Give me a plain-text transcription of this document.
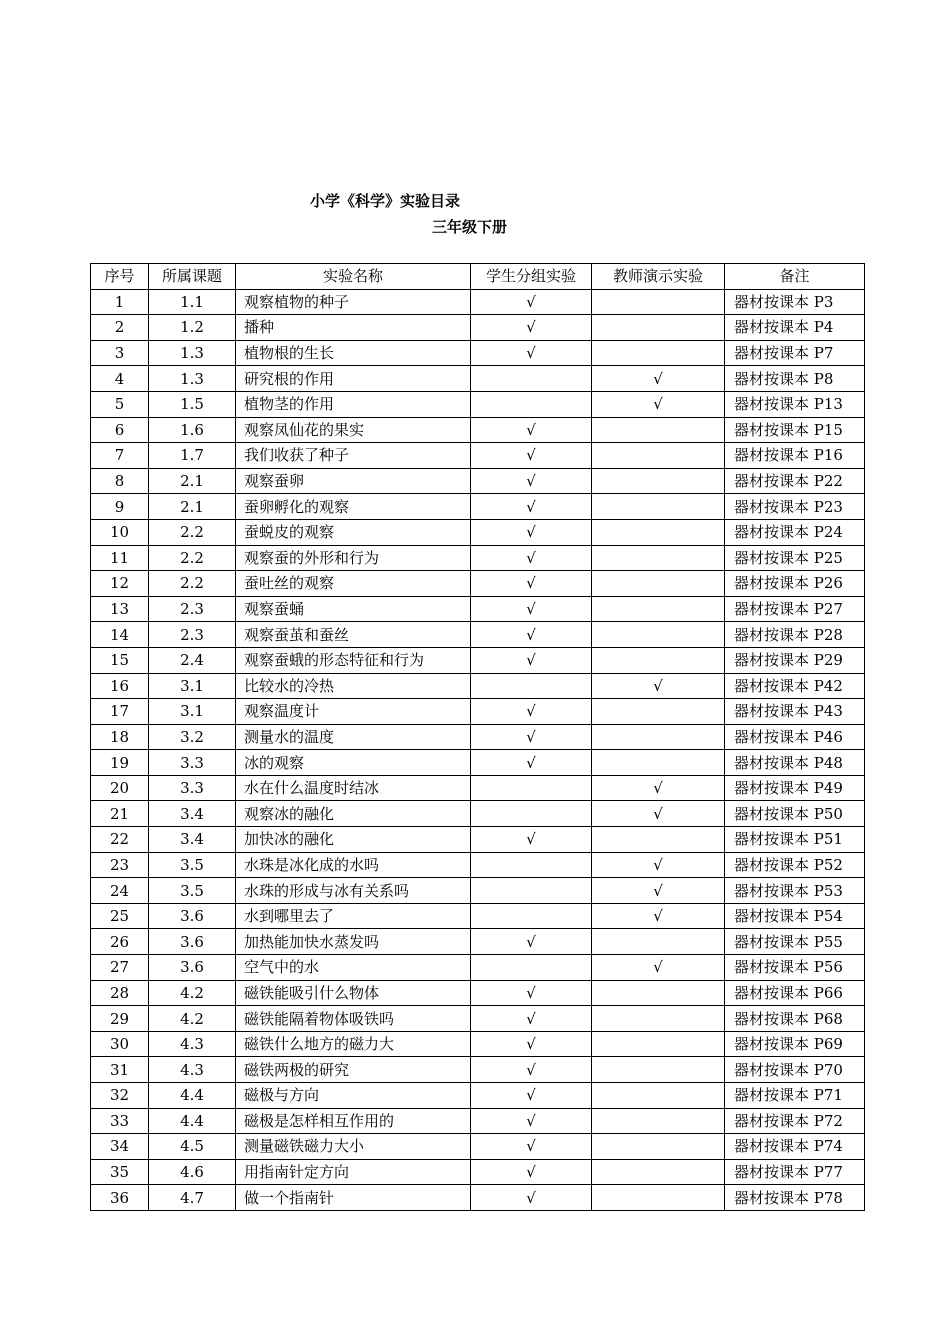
小学《科学》实验目录
三年级下册
序号	所属课题	实验名称	学生分组实验	教师演示实验	备注
1	1.1	观察植物的种子	√		器材按课本 P3
2	1.2	播种	√		器材按课本 P4
3	1.3	植物根的生长	√		器材按课本 P7
4	1.3	研究根的作用		√	器材按课本 P8
5	1.5	植物茎的作用		√	器材按课本 P13
6	1.6	观察凤仙花的果实	√		器材按课本 P15
7	1.7	我们收获了种子	√		器材按课本 P16
8	2.1	观察蚕卵	√		器材按课本 P22
9	2.1	蚕卵孵化的观察	√		器材按课本 P23
10	2.2	蚕蜕皮的观察	√		器材按课本 P24
11	2.2	观察蚕的外形和行为	√		器材按课本 P25
12	2.2	蚕吐丝的观察	√		器材按课本 P26
13	2.3	观察蚕蛹	√		器材按课本 P27
14	2.3	观察蚕茧和蚕丝	√		器材按课本 P28
15	2.4	观察蚕蛾的形态特征和行为	√		器材按课本 P29
16	3.1	比较水的冷热		√	器材按课本 P42
17	3.1	观察温度计	√		器材按课本 P43
18	3.2	测量水的温度	√		器材按课本 P46
19	3.3	冰的观察	√		器材按课本 P48
20	3.3	水在什么温度时结冰		√	器材按课本 P49
21	3.4	观察冰的融化		√	器材按课本 P50
22	3.4	加快冰的融化	√		器材按课本 P51
23	3.5	水珠是冰化成的水吗		√	器材按课本 P52
24	3.5	水珠的形成与冰有关系吗		√	器材按课本 P53
25	3.6	水到哪里去了		√	器材按课本 P54
26	3.6	加热能加快水蒸发吗	√		器材按课本 P55
27	3.6	空气中的水		√	器材按课本 P56
28	4.2	磁铁能吸引什么物体	√		器材按课本 P66
29	4.2	磁铁能隔着物体吸铁吗	√		器材按课本 P68
30	4.3	磁铁什么地方的磁力大	√		器材按课本 P69
31	4.3	磁铁两极的研究	√		器材按课本 P70
32	4.4	磁极与方向	√		器材按课本 P71
33	4.4	磁极是怎样相互作用的	√		器材按课本 P72
34	4.5	测量磁铁磁力大小	√		器材按课本 P74
35	4.6	用指南针定方向	√		器材按课本 P77
36	4.7	做一个指南针	√		器材按课本 P78
